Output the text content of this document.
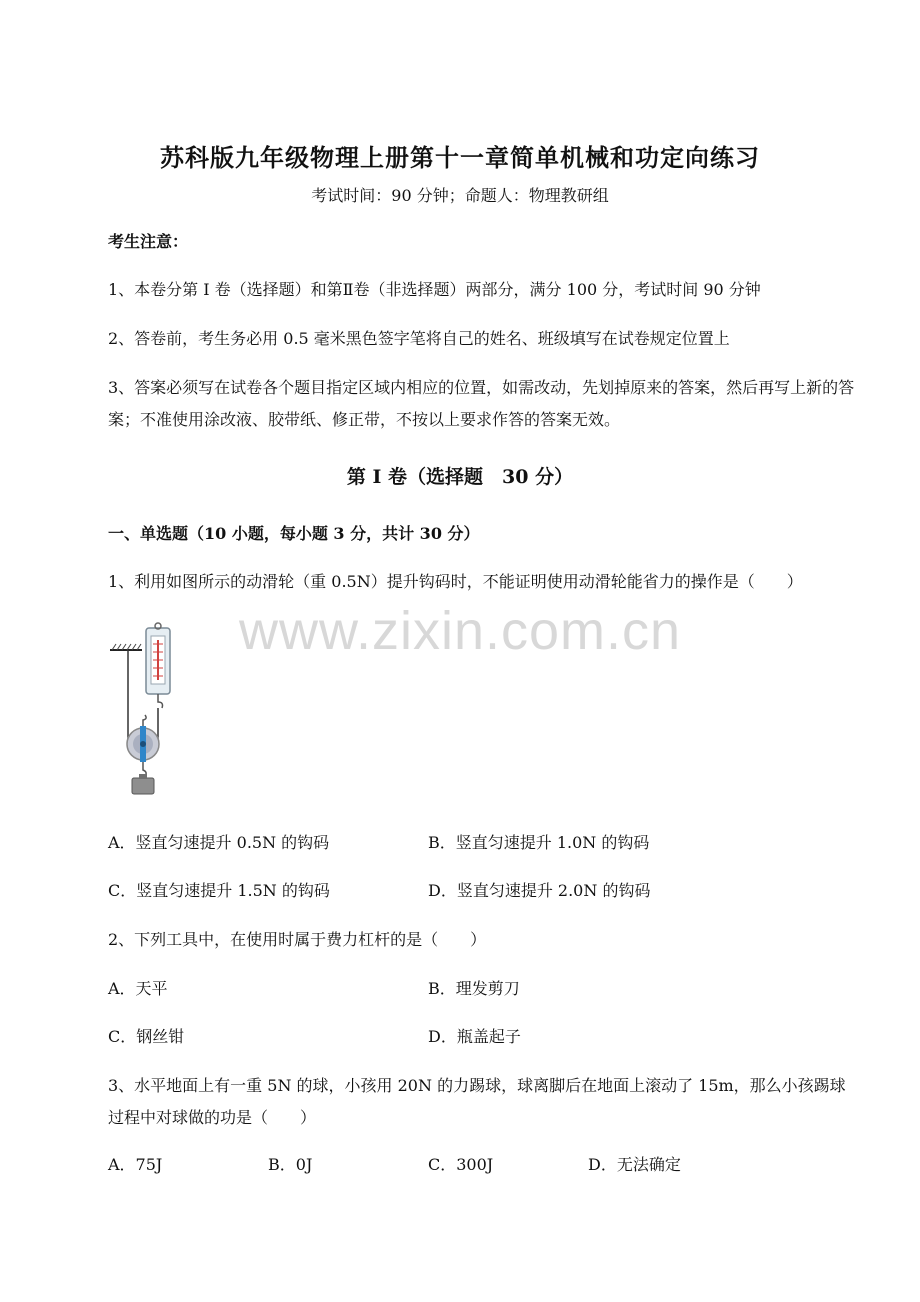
www.zixin.com.cn
苏科版九年级物理上册第十一章简单机械和功定向练习
考试时间：90 分钟；命题人：物理教研组
考生注意：
1、本卷分第 I 卷（选择题）和第Ⅱ卷（非选择题）两部分，满分 100 分，考试时间 90 分钟
2、答卷前，考生务必用 0.5 毫米黑色签字笔将自己的姓名、班级填写在试卷规定位置上
3、答案必须写在试卷各个题目指定区域内相应的位置，如需改动，先划掉原来的答案，然后再写上新的答案；不准使用涂改液、胶带纸、修正带，不按以上要求作答的答案无效。
第 I 卷（选择题　30 分）
一、单选题（10 小题，每小题 3 分，共计 30 分）
1、利用如图所示的动滑轮（重 0.5N）提升钩码时，不能证明使用动滑轮能省力的操作是（　　）
A．竖直匀速提升 0.5N 的钩码	B．竖直匀速提升 1.0N 的钩码
C．竖直匀速提升 1.5N 的钩码	D．竖直匀速提升 2.0N 的钩码
2、下列工具中，在使用时属于费力杠杆的是（　　）
A．天平	B．理发剪刀
C．钢丝钳	D．瓶盖起子
3、水平地面上有一重 5N 的球，小孩用 20N 的力踢球，球离脚后在地面上滚动了 15m，那么小孩踢球过程中对球做的功是（　　）
A．75J	B．0J	C．300J	D．无法确定
